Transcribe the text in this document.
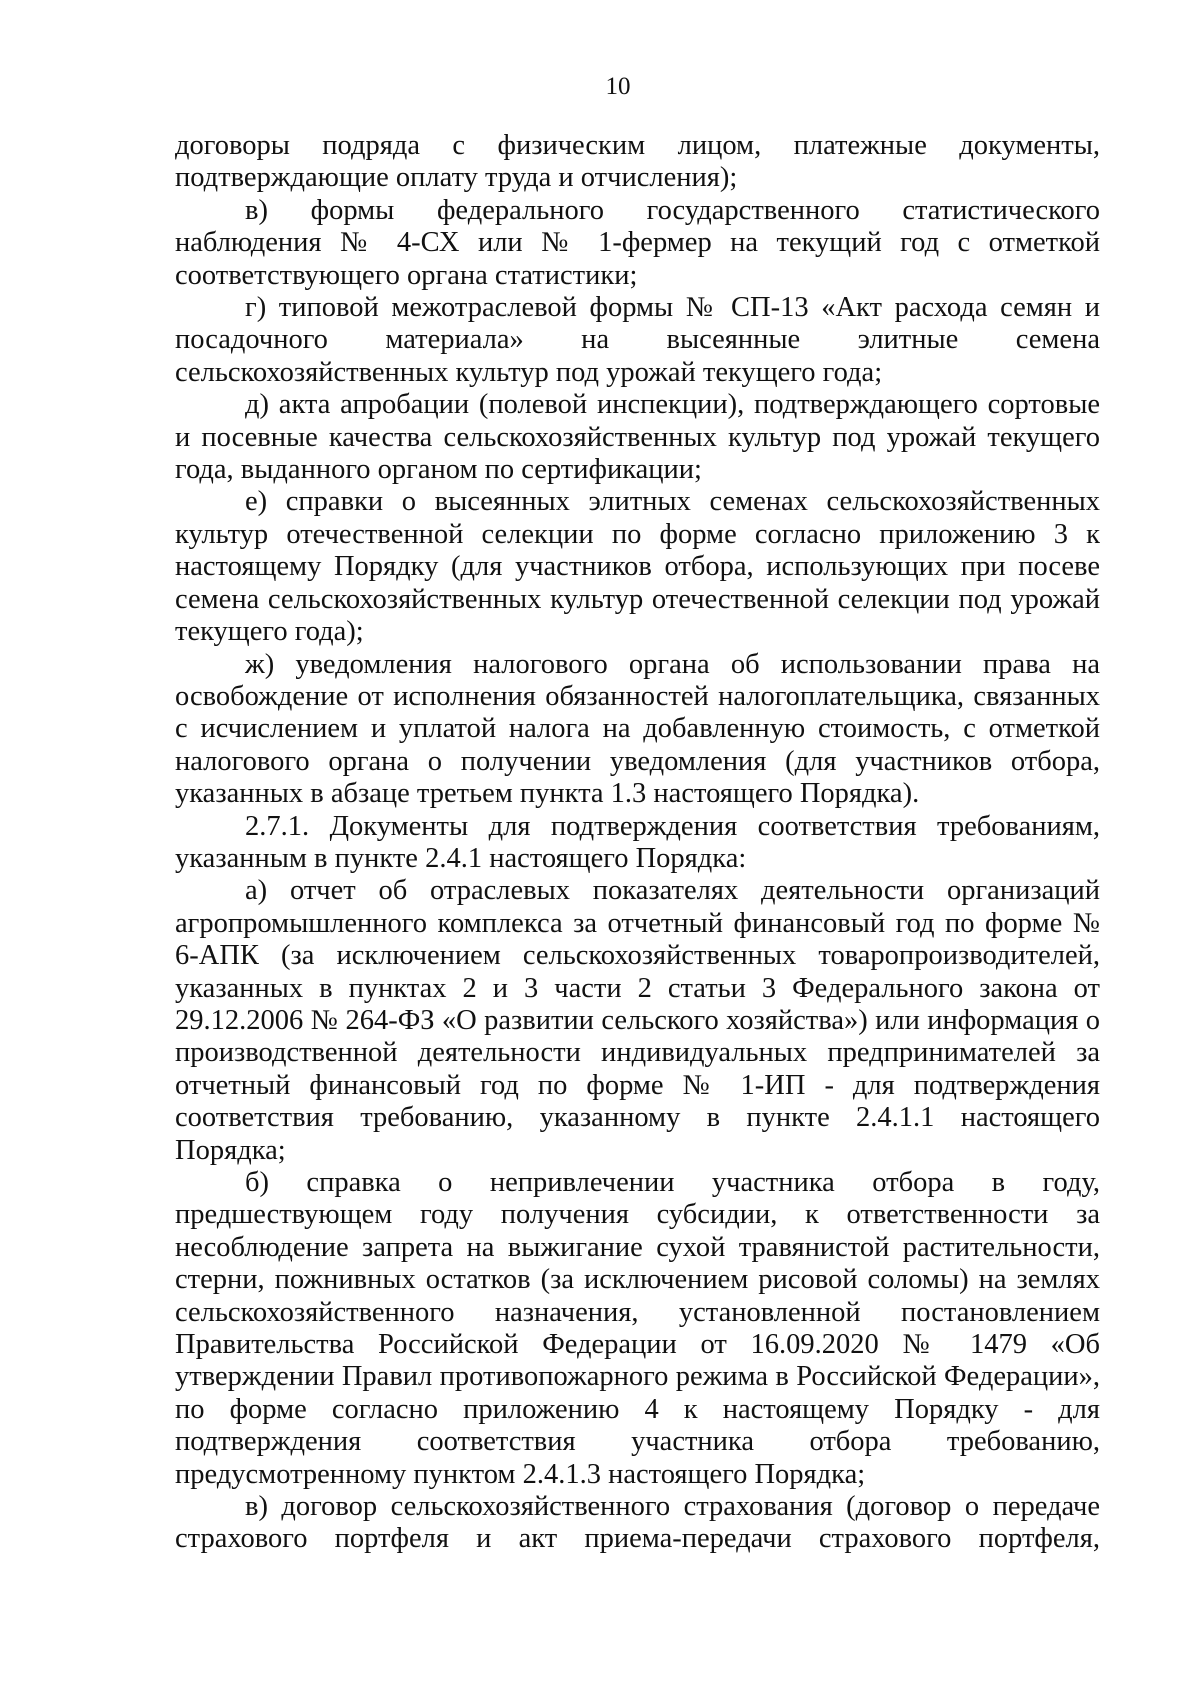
10

договоры подряда с физическим лицом, платежные документы, подтверждающие оплату труда и отчисления);

в) формы федерального государственного статистического наблюдения № 4-СХ или № 1-фермер на текущий год с отметкой соответствующего органа статистики;

г) типовой межотраслевой формы № СП-13 «Акт расхода семян и посадочного материала» на высеянные элитные семена сельскохозяйственных культур под урожай текущего года;

д) акта апробации (полевой инспекции), подтверждающего сортовые и посевные качества сельскохозяйственных культур под урожай текущего года, выданного органом по сертификации;

е) справки о высеянных элитных семенах сельскохозяйственных культур отечественной селекции по форме согласно приложению 3 к настоящему Порядку (для участников отбора, использующих при посеве семена сельскохозяйственных культур отечественной селекции под урожай текущего года);

ж) уведомления налогового органа об использовании права на освобождение от исполнения обязанностей налогоплательщика, связанных с исчислением и уплатой налога на добавленную стоимость, с отметкой налогового органа о получении уведомления (для участников отбора, указанных в абзаце третьем пункта 1.3 настоящего Порядка).

2.7.1. Документы для подтверждения соответствия требованиям, указанным в пункте 2.4.1 настоящего Порядка:

а) отчет об отраслевых показателях деятельности организаций агропромышленного комплекса за отчетный финансовый год по форме № 6-АПК (за исключением сельскохозяйственных товаропроизводителей, указанных в пунктах 2 и 3 части 2 статьи 3 Федерального закона от 29.12.2006 № 264-ФЗ «О развитии сельского хозяйства») или информация о производственной деятельности индивидуальных предпринимателей за отчетный финансовый год по форме № 1-ИП - для подтверждения соответствия требованию, указанному в пункте 2.4.1.1 настоящего Порядка;

б) справка о непривлечении участника отбора в году, предшествующем году получения субсидии, к ответственности за несоблюдение запрета на выжигание сухой травянистой растительности, стерни, пожнивных остатков (за исключением рисовой соломы) на землях сельскохозяйственного назначения, установленной постановлением Правительства Российской Федерации от 16.09.2020 № 1479 «Об утверждении Правил противопожарного режима в Российской Федерации», по форме согласно приложению 4 к настоящему Порядку - для подтверждения соответствия участника отбора требованию, предусмотренному пунктом 2.4.1.3 настоящего Порядка;

в) договор сельскохозяйственного страхования (договор о передаче страхового портфеля и акт приема-передачи страхового портфеля,
